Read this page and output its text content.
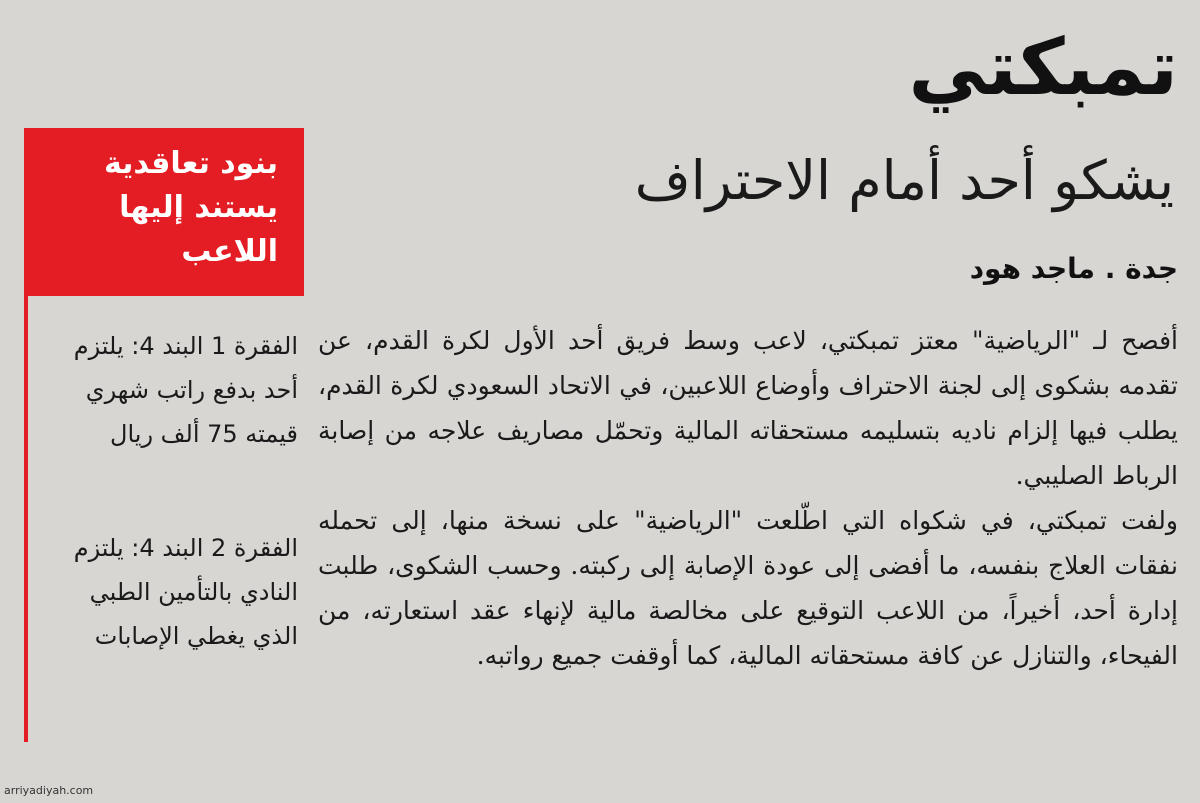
تمبكتي
يشكو أحد أمام الاحتراف
جدة . ماجد هود

أفصح لـ "الرياضية" معتز تمبكتي، لاعب وسط فريق أحد الأول لكرة القدم، عن تقدمه بشكوى إلى لجنة الاحتراف وأوضاع اللاعبين، في الاتحاد السعودي لكرة القدم، يطلب فيها إلزام ناديه بتسليمه مستحقاته المالية وتحمّل مصاريف علاجه من إصابة الرباط الصليبي.

ولفت تمبكتي، في شكواه التي اطّلعت "الرياضية" على نسخة منها، إلى تحمله نفقات العلاج بنفسه، ما أفضى إلى عودة الإصابة إلى ركبته. وحسب الشكوى، طلبت إدارة أحد، أخيراً، من اللاعب التوقيع على مخالصة مالية لإنهاء عقد استعارته، من الفيحاء، والتنازل عن كافة مستحقاته المالية، كما أوقفت جميع رواتبه.

بنود تعاقدية يستند إليها اللاعب
الفقرة 1 البند 4: يلتزم أحد بدفع راتب شهري قيمته 75 ألف ريال
الفقرة 2 البند 4: يلتزم النادي بالتأمين الطبي الذي يغطي الإصابات
arriyadiyah.com
